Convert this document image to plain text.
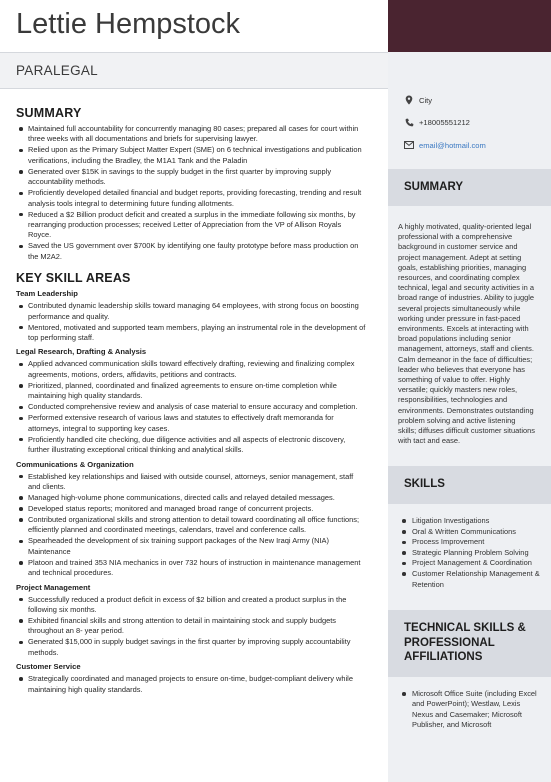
Lettie Hempstock
PARALEGAL
SUMMARY
Maintained full accountability for concurrently managing 80 cases; prepared all cases for court within three weeks with all documentations and briefs for supervising lawyer.
Relied upon as the Primary Subject Matter Expert (SME) on 6 technical investigations and publication verifications, including the Bradley, the M1A1 Tank and the Paladin
Generated over $15K in savings to the supply budget in the first quarter by improving supply accountability methods.
Proficiently developed detailed financial and budget reports, providing forecasting, trending and result analysis tools integral to determining future funding allotments.
Reduced a $2 Billion product deficit and created a surplus in the immediate following six months, by rearranging production processes; received Letter of Appreciation from the VP of Allison Royals Royce.
Saved the US government over $700K by identifying one faulty prototype before mass production on the M2A2.
KEY SKILL AREAS
Team Leadership
Contributed dynamic leadership skills toward managing 64 employees, with strong focus on boosting performance and quality.
Mentored, motivated and supported team members, playing an instrumental role in the development of top performing staff.
Legal Research, Drafting & Analysis
Applied advanced communication skills toward effectively drafting, reviewing and finalizing complex agreements, motions, orders, affidavits, petitions and contracts.
Prioritized, planned, coordinated and finalized agreements to ensure on-time completion while maintaining high quality standards.
Conducted comprehensive review and analysis of case material to ensure accuracy and completion.
Performed extensive research of various laws and statutes to effectively draft memoranda for attorneys, integral to supporting key cases.
Proficiently handled cite checking, due diligence activities and all aspects of electronic discovery, further illustrating exceptional critical thinking and analytical skills.
Communications & Organization
Established key relationships and liaised with outside counsel, attorneys, senior management, staff and clients.
Managed high-volume phone communications, directed calls and relayed detailed messages.
Developed status reports; monitored and managed broad range of concurrent projects.
Contributed organizational skills and strong attention to detail toward coordinating all office functions; efficiently planned and coordinated meetings, calendars, travel and conference calls.
Spearheaded the development of six training support packages of the New Iraqi Army (NIA) Maintenance
Platoon and trained 353 NIA mechanics in over 732 hours of instruction in maintenance management and technical procedures.
Project Management
Successfully reduced a product deficit in excess of $2 billion and created a product surplus in the following six months.
Exhibited financial skills and strong attention to detail in maintaining stock and supply budgets throughout an 8- year period.
Generated $15,000 in supply budget savings in the first quarter by improving supply accountability methods.
Customer Service
Strategically coordinated and managed projects to ensure on-time, budget-compliant delivery while maintaining high quality standards.
City
+18005551212
email@hotmail.com
SUMMARY
A highly motivated, quality-oriented legal professional with a comprehensive background in customer service and project management. Adept at setting goals, establishing priorities, managing resources, and coordinating complex technical, legal and security activities in a broad range of industries. Ability to juggle several projects simultaneously while working under pressure in fast-paced environments. Excels at interacting with broad populations including senior management, attorneys, staff and clients. Calm demeanor in the face of difficulties; leader who believes that everyone has something of value to offer. Highly versatile; quickly masters new roles, responsibilities, technologies and environments. Demonstrates outstanding problem solving and active listening skills; diffuses difficult customer situations with tact and ease.
SKILLS
Litigation Investigations
Oral & Written Communications
Process Improvement
Strategic Planning Problem Solving
Project Management & Coordination
Customer Relationship Management & Retention
TECHNICAL SKILLS & PROFESSIONAL AFFILIATIONS
Microsoft Office Suite (including Excel and PowerPoint); Westlaw, Lexis Nexus and Casemaker; Microsoft Publisher, and Microsoft
